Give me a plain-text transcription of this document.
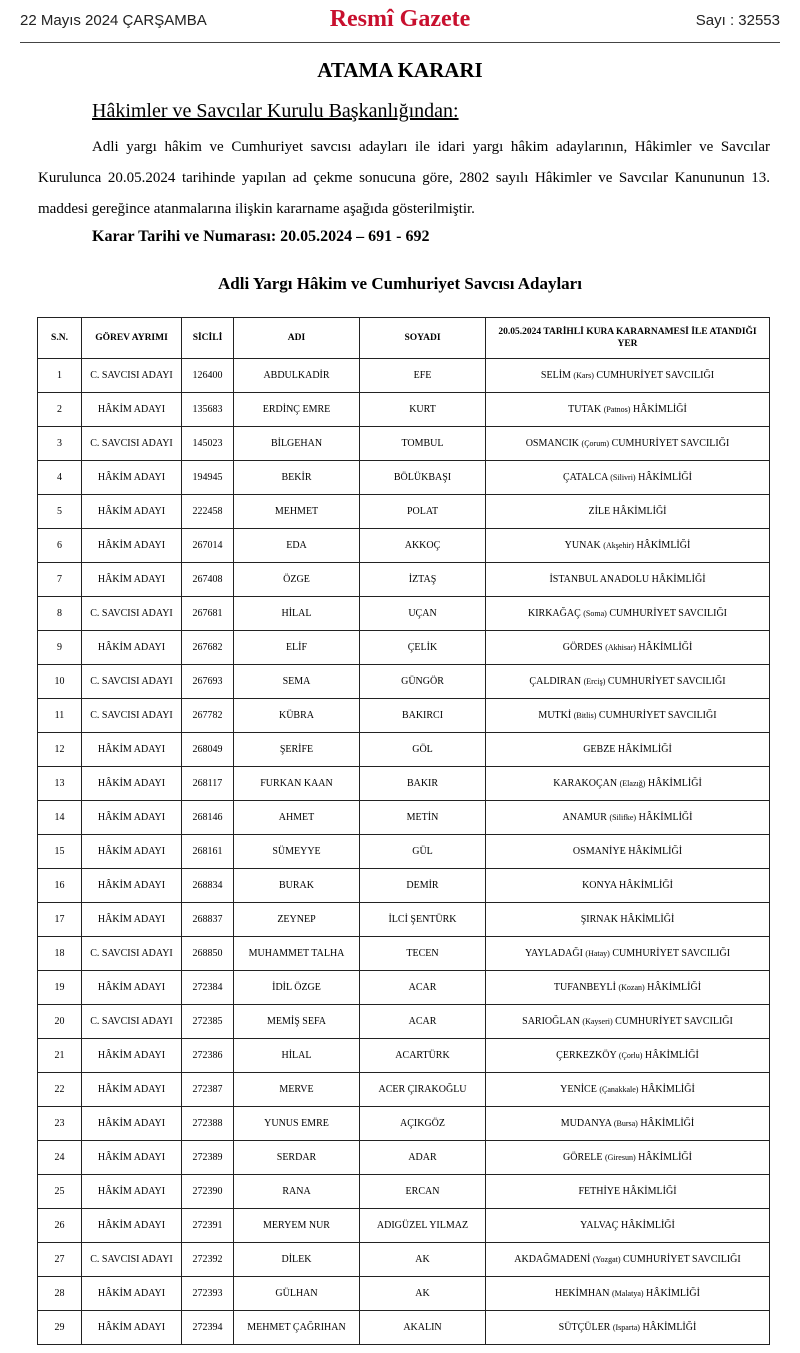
22 Mayıs 2024 ÇARŞAMBA	Resmî Gazete	Sayı : 32553
ATAMA KARARI
Hâkimler ve Savcılar Kurulu Başkanlığından:
Adli yargı hâkim ve Cumhuriyet savcısı adayları ile idari yargı hâkim adaylarının, Hâkimler ve Savcılar Kurulunca 20.05.2024 tarihinde yapılan ad çekme sonucuna göre, 2802 sayılı Hâkimler ve Savcılar Kanununun 13. maddesi gereğince atanmalarına ilişkin kararname aşağıda gösterilmiştir.
Karar Tarihi ve Numarası: 20.05.2024 – 691 - 692
Adli Yargı Hâkim ve Cumhuriyet Savcısı Adayları
S.N.	GÖREV AYRIMI	SİCİLİ	ADI	SOYADI	20.05.2024 TARİHLİ KURA KARARNAMESİ İLE ATANDIĞI YER
1	C. SAVCISI ADAYI	126400	ABDULKADİR	EFE	SELİM (Kars) CUMHURİYET SAVCILIĞI
2	HÂKİM ADAYI	135683	ERDİNÇ EMRE	KURT	TUTAK (Patnos) HÂKİMLİĞİ
3	C. SAVCISI ADAYI	145023	BİLGEHAN	TOMBUL	OSMANCIK (Çorum) CUMHURİYET SAVCILIĞI
4	HÂKİM ADAYI	194945	BEKİR	BÖLÜKBAŞI	ÇATALCA (Silivri) HÂKİMLİĞİ
5	HÂKİM ADAYI	222458	MEHMET	POLAT	ZİLE HÂKİMLİĞİ
6	HÂKİM ADAYI	267014	EDA	AKKOÇ	YUNAK (Akşehir) HÂKİMLİĞİ
7	HÂKİM ADAYI	267408	ÖZGE	İZTAŞ	İSTANBUL ANADOLU HÂKİMLİĞİ
8	C. SAVCISI ADAYI	267681	HİLAL	UÇAN	KIRKAĞAÇ (Soma) CUMHURİYET SAVCILIĞI
9	HÂKİM ADAYI	267682	ELİF	ÇELİK	GÖRDES (Akhisar) HÂKİMLİĞİ
10	C. SAVCISI ADAYI	267693	SEMA	GÜNGÖR	ÇALDIRAN (Erciş) CUMHURİYET SAVCILIĞI
11	C. SAVCISI ADAYI	267782	KÜBRA	BAKIRCI	MUTKİ (Bitlis) CUMHURİYET SAVCILIĞI
12	HÂKİM ADAYI	268049	ŞERİFE	GÖL	GEBZE HÂKİMLİĞİ
13	HÂKİM ADAYI	268117	FURKAN KAAN	BAKIR	KARAKOÇAN (Elazığ) HÂKİMLİĞİ
14	HÂKİM ADAYI	268146	AHMET	METİN	ANAMUR (Silifke) HÂKİMLİĞİ
15	HÂKİM ADAYI	268161	SÜMEYYE	GÜL	OSMANİYE HÂKİMLİĞİ
16	HÂKİM ADAYI	268834	BURAK	DEMİR	KONYA HÂKİMLİĞİ
17	HÂKİM ADAYI	268837	ZEYNEP	İLCİ ŞENTÜRK	ŞIRNAK HÂKİMLİĞİ
18	C. SAVCISI ADAYI	268850	MUHAMMET TALHA	TECEN	YAYLADAĞI (Hatay) CUMHURİYET SAVCILIĞI
19	HÂKİM ADAYI	272384	İDİL ÖZGE	ACAR	TUFANBEYLİ (Kozan) HÂKİMLİĞİ
20	C. SAVCISI ADAYI	272385	MEMİŞ SEFA	ACAR	SARIOĞLAN (Kayseri) CUMHURİYET SAVCILIĞI
21	HÂKİM ADAYI	272386	HİLAL	ACARTÜRK	ÇERKEZKÖY (Çorlu) HÂKİMLİĞİ
22	HÂKİM ADAYI	272387	MERVE	ACER ÇIRAKOĞLU	YENİCE (Çanakkale) HÂKİMLİĞİ
23	HÂKİM ADAYI	272388	YUNUS EMRE	AÇIKGÖZ	MUDANYA (Bursa) HÂKİMLİĞİ
24	HÂKİM ADAYI	272389	SERDAR	ADAR	GÖRELE (Giresun) HÂKİMLİĞİ
25	HÂKİM ADAYI	272390	RANA	ERCAN	FETHİYE HÂKİMLİĞİ
26	HÂKİM ADAYI	272391	MERYEM NUR	ADIGÜZEL YILMAZ	YALVAÇ HÂKİMLİĞİ
27	C. SAVCISI ADAYI	272392	DİLEK	AK	AKDAĞMADENİ (Yozgat) CUMHURİYET SAVCILIĞI
28	HÂKİM ADAYI	272393	GÜLHAN	AK	HEKİMHAN (Malatya) HÂKİMLİĞİ
29	HÂKİM ADAYI	272394	MEHMET ÇAĞRIHAN	AKALIN	SÜTÇÜLER (Isparta) HÂKİMLİĞİ
